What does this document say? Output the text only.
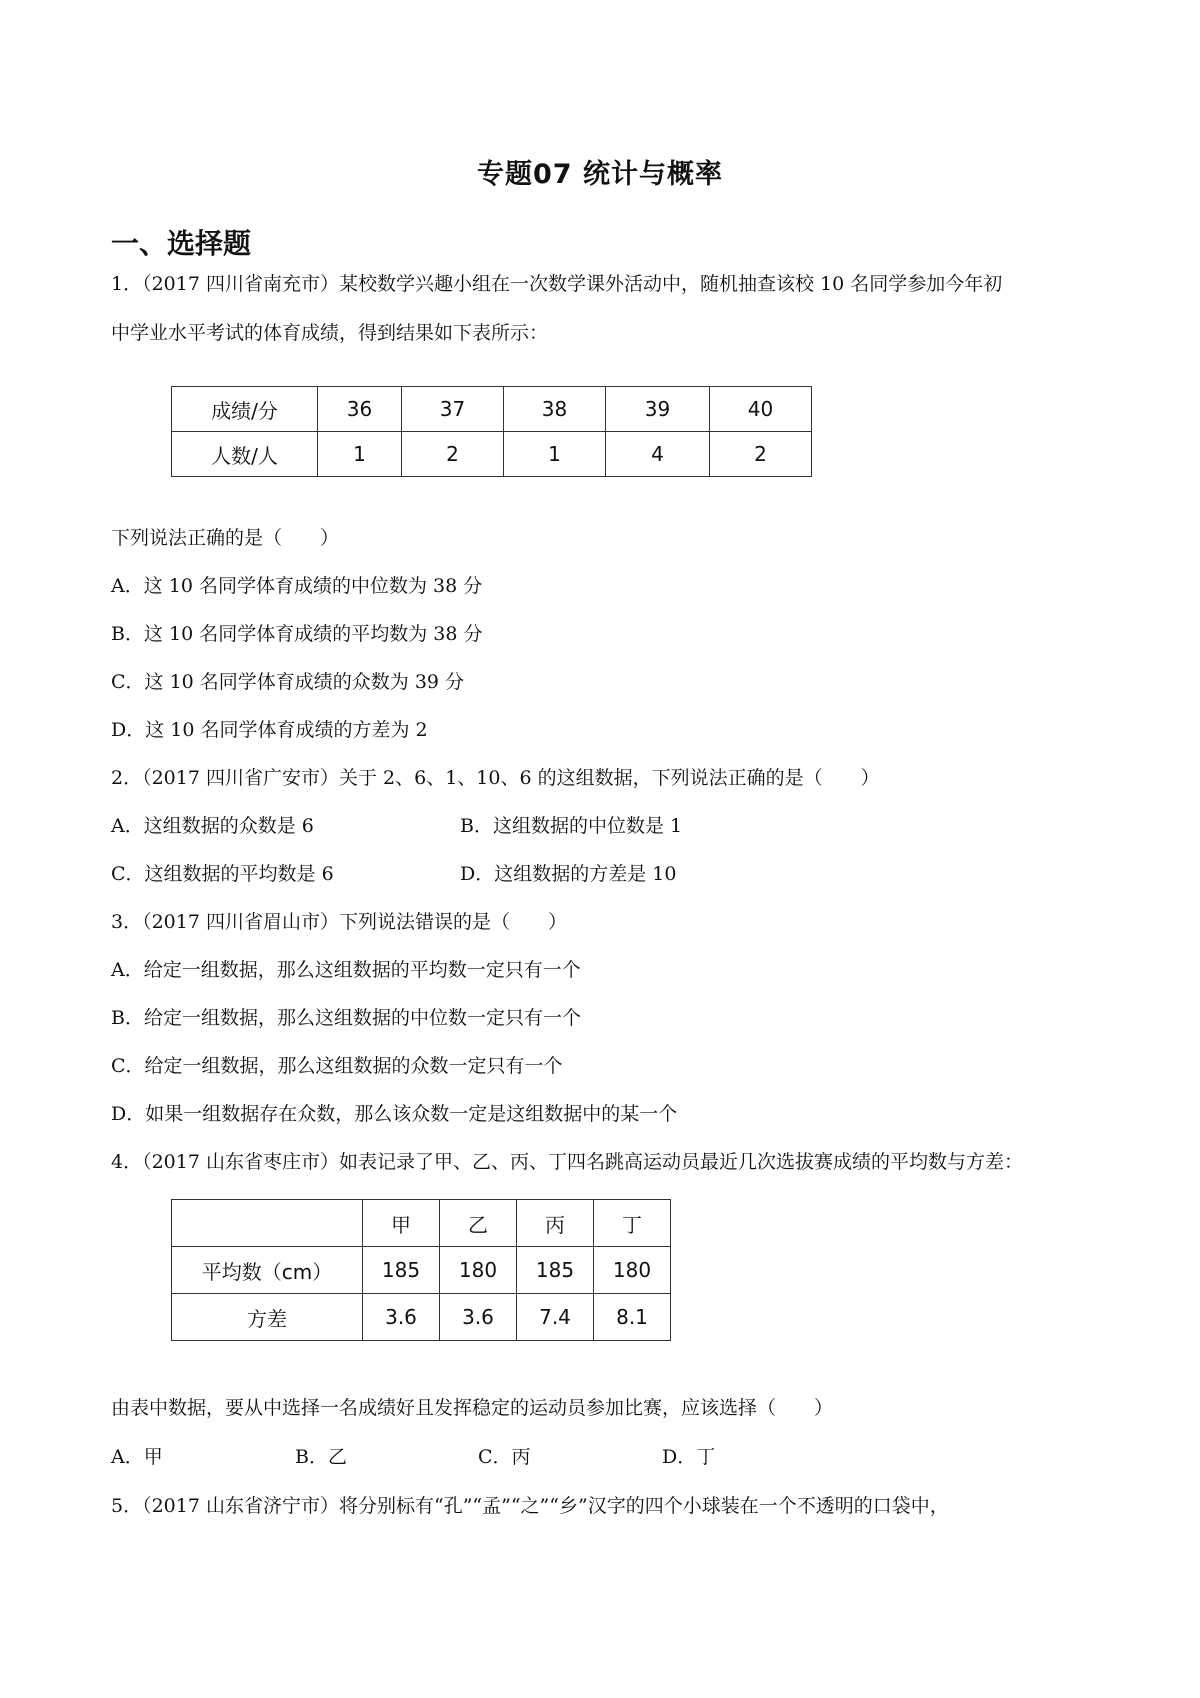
专题07 统计与概率
一、选择题
1．（2017 四川省南充市）某校数学兴趣小组在一次数学课外活动中，随机抽查该校 10 名同学参加今年初
中学业水平考试的体育成绩，得到结果如下表所示：
成绩/分	36	37	38	39	40
人数/人	1	2	1	4	2
下列说法正确的是（　　）
A．这 10 名同学体育成绩的中位数为 38 分
B．这 10 名同学体育成绩的平均数为 38 分
C．这 10 名同学体育成绩的众数为 39 分
D．这 10 名同学体育成绩的方差为 2
2．（2017 四川省广安市）关于 2、6、1、10、6 的这组数据，下列说法正确的是（　　）
A．这组数据的众数是 6	B．这组数据的中位数是 1
C．这组数据的平均数是 6	D．这组数据的方差是 10
3．（2017 四川省眉山市）下列说法错误的是（　　）
A．给定一组数据，那么这组数据的平均数一定只有一个
B．给定一组数据，那么这组数据的中位数一定只有一个
C．给定一组数据，那么这组数据的众数一定只有一个
D．如果一组数据存在众数，那么该众数一定是这组数据中的某一个
4．（2017 山东省枣庄市）如表记录了甲、乙、丙、丁四名跳高运动员最近几次选拔赛成绩的平均数与方差：
	甲	乙	丙	丁
平均数（cm）	185	180	185	180
方差	3.6	3.6	7.4	8.1
由表中数据，要从中选择一名成绩好且发挥稳定的运动员参加比赛，应该选择（　　）
A．甲	B．乙	C．丙	D．丁
5．（2017 山东省济宁市）将分别标有“孔”“孟”“之”“乡”汉字的四个小球装在一个不透明的口袋中，
